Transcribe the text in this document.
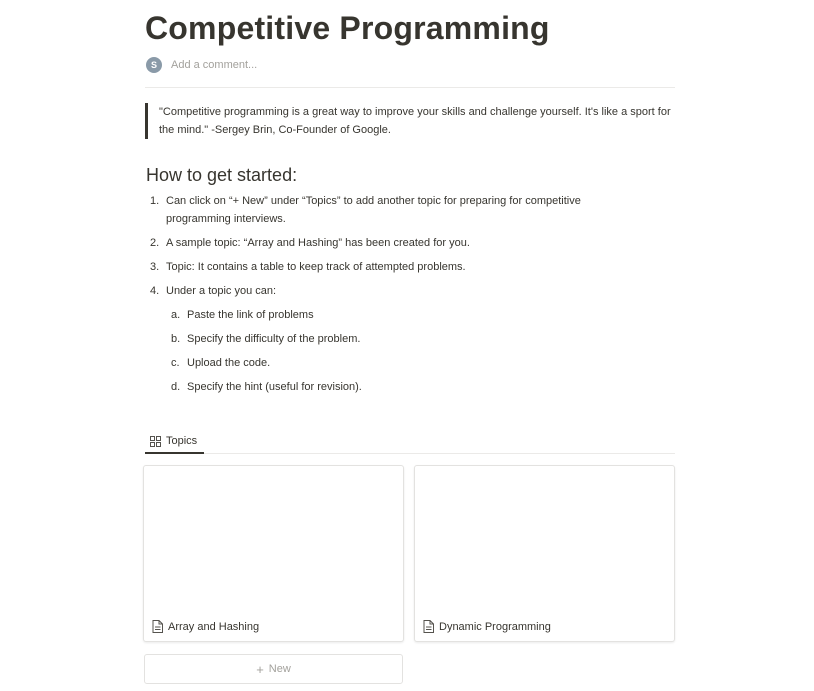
Competitive Programming
S	Add a comment...
"Competitive programming is a great way to improve your skills and challenge yourself. It's like a sport for the mind." -Sergey Brin, Co-Founder of Google.
How to get started:
1. Can click on “+ New” under “Topics” to add another topic for preparing for competitive programming interviews.
2. A sample topic: “Array and Hashing” has been created for you.
3. Topic: It contains a table to keep track of attempted problems.
4. Under a topic you can:
a. Paste the link of problems
b. Specify the difficulty of the problem.
c. Upload the code.
d. Specify the hint (useful for revision).
Topics
Array and Hashing	Dynamic Programming
+ New
